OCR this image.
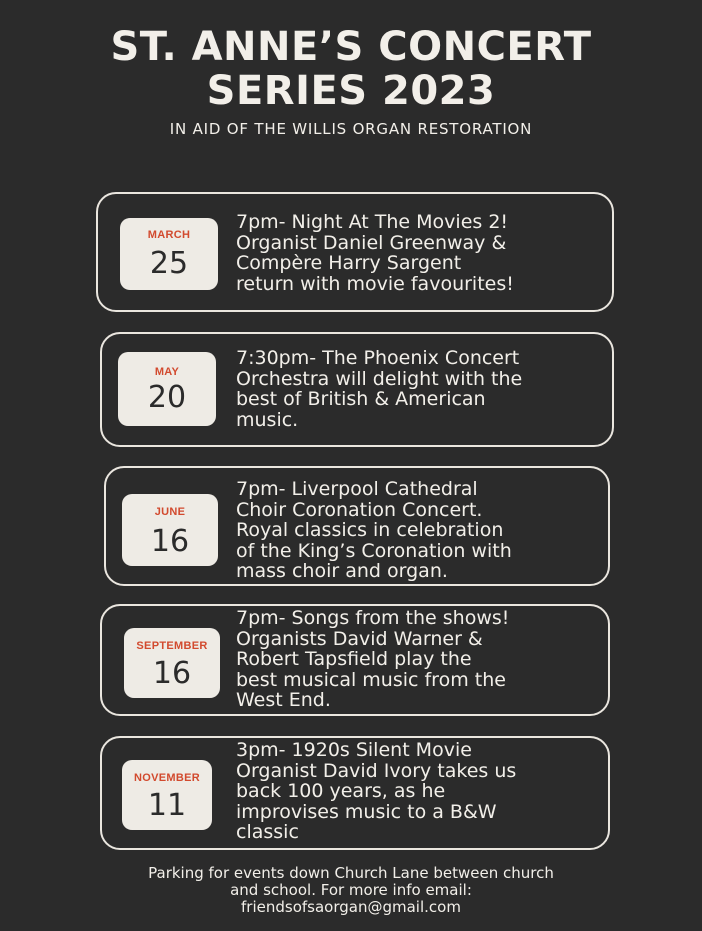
ST. ANNE’S CONCERT
SERIES 2023
IN AID OF THE WILLIS ORGAN RESTORATION
MARCH
25
7pm- Night At The Movies 2!
Organist Daniel Greenway &
Compère Harry Sargent
return with movie favourites!
MAY
20
7:30pm- The Phoenix Concert
Orchestra will delight with the
best of British & American
music.
JUNE
16
7pm- Liverpool Cathedral
Choir Coronation Concert.
Royal classics in celebration
of the King’s Coronation with
mass choir and organ.
SEPTEMBER
16
7pm- Songs from the shows!
Organists David Warner &
Robert Tapsfield play the
best musical music from the
West End.
NOVEMBER
11
3pm- 1920s Silent Movie
Organist David Ivory takes us
back 100 years, as he
improvises music to a B&W
classic
Parking for events down Church Lane between church
and school. For more info email:
friendsofsaorgan@gmail.com
